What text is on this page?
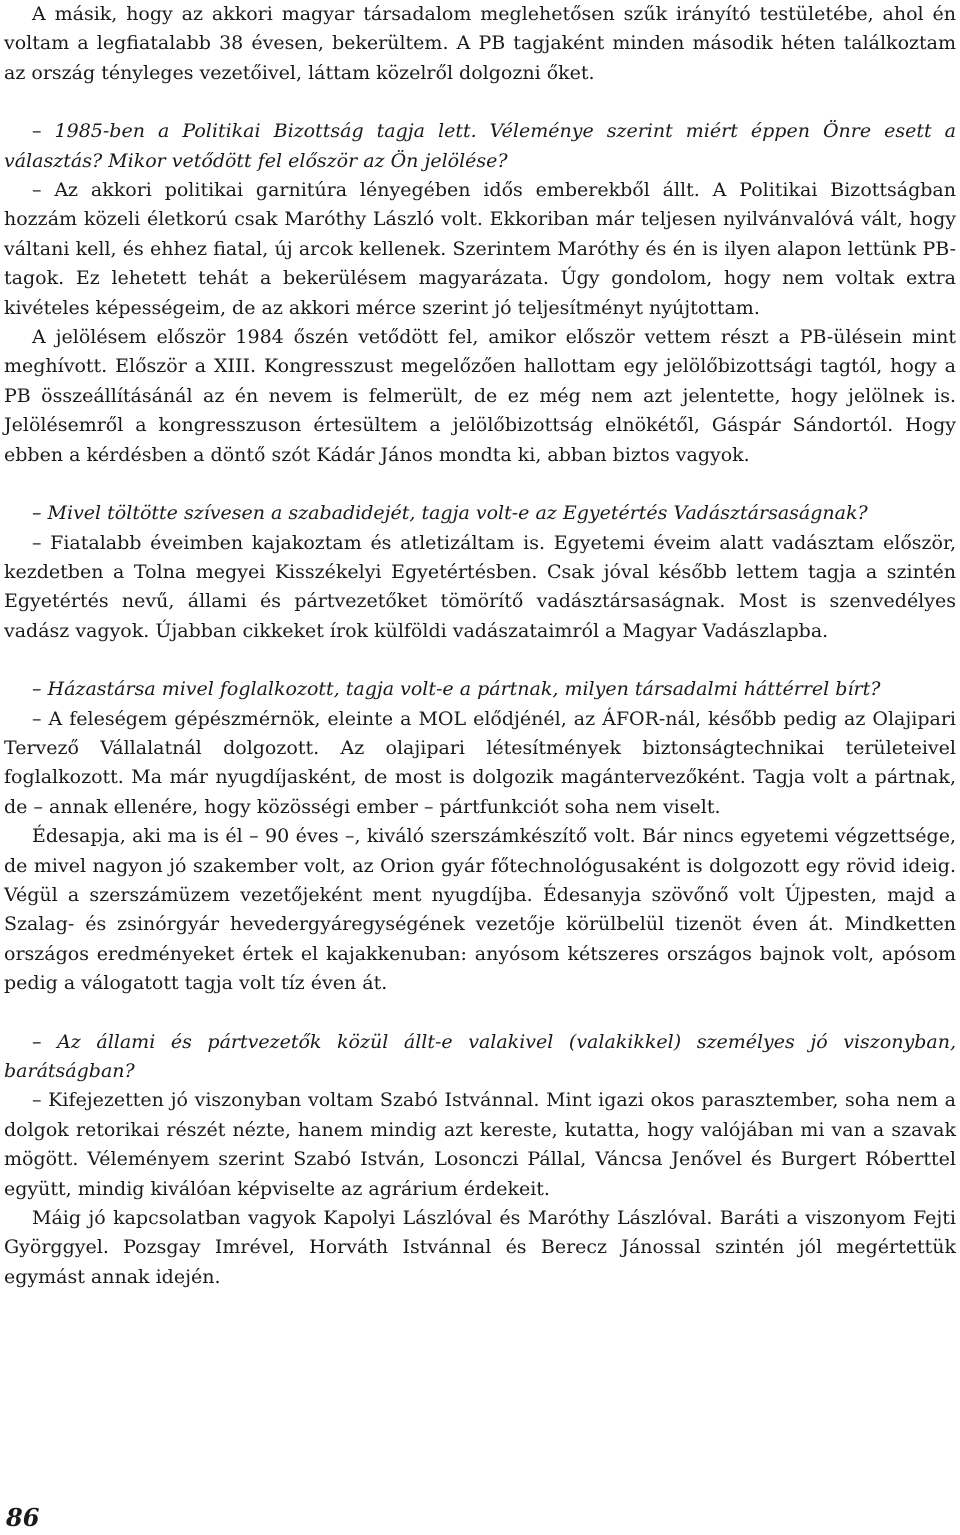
A másik, hogy az akkori magyar társadalom meglehetősen szűk irányító testületébe, ahol én voltam a legfiatalabb 38 évesen, bekerültem. A PB tagjaként minden második héten találkoztam az ország tényleges vezetőivel, láttam közelről dolgozni őket.

– 1985-ben a Politikai Bizottság tagja lett. Véleménye szerint miért éppen Önre esett a választás? Mikor vetődött fel először az Ön jelölése?

– Az akkori politikai garnitúra lényegében idős emberekből állt. A Politikai Bizottságban hozzám közeli életkorú csak Maróthy László volt. Ekkoriban már teljesen nyilvánvalóvá vált, hogy váltani kell, és ehhez fiatal, új arcok kellenek. Szerintem Maróthy és én is ilyen alapon lettünk PB-tagok. Ez lehetett tehát a bekerülésem magyarázata. Úgy gondolom, hogy nem voltak extra kivételes képességeim, de az akkori mérce szerint jó teljesítményt nyújtottam.

A jelölésem először 1984 őszén vetődött fel, amikor először vettem részt a PB-ülésein mint meghívott. Először a XIII. Kongresszust megelőzően hallottam egy jelölőbizottsági tagtól, hogy a PB összeállításánál az én nevem is felmerült, de ez még nem azt jelentette, hogy jelölnek is. Jelölésemről a kongresszuson értesültem a jelölőbizottság elnökétől, Gáspár Sándortól. Hogy ebben a kérdésben a döntő szót Kádár János mondta ki, abban biztos vagyok.

– Mivel töltötte szívesen a szabadidejét, tagja volt-e az Egyetértés Vadásztársaságnak?

– Fiatalabb éveimben kajakoztam és atletizáltam is. Egyetemi éveim alatt vadásztam először, kezdetben a Tolna megyei Kisszékelyi Egyetértésben. Csak jóval később lettem tagja a szintén Egyetértés nevű, állami és pártvezetőket tömörítő vadásztársaságnak. Most is szenvedélyes vadász vagyok. Újabban cikkeket írok külföldi vadászataimról a Magyar Vadászlapba.

– Házastársa mivel foglalkozott, tagja volt-e a pártnak, milyen társadalmi háttérrel bírt?

– A feleségem gépészmérnök, eleinte a MOL elődjénél, az ÁFOR-nál, később pedig az Olajipari Tervező Vállalatnál dolgozott. Az olajipari létesítmények biztonságtechnikai területeivel foglalkozott. Ma már nyugdíjasként, de most is dolgozik magántervezőként. Tagja volt a pártnak, de – annak ellenére, hogy közösségi ember – pártfunkciót soha nem viselt.

Édesapja, aki ma is él – 90 éves –, kiváló szerszámkészítő volt. Bár nincs egyetemi végzettsége, de mivel nagyon jó szakember volt, az Orion gyár főtechnológusaként is dolgozott egy rövid ideig. Végül a szerszámüzem vezetőjeként ment nyugdíjba. Édesanyja szövőnő volt Újpesten, majd a Szalag- és zsinórgyár hevedergyáregységének vezetője körülbelül tizenöt éven át. Mindketten országos eredményeket értek el kajakkenuban: anyósom kétszeres országos bajnok volt, apósom pedig a válogatott tagja volt tíz éven át.

– Az állami és pártvezetők közül állt-e valakivel (valakikkel) személyes jó viszonyban, barátságban?

– Kifejezetten jó viszonyban voltam Szabó Istvánnal. Mint igazi okos parasztember, soha nem a dolgok retorikai részét nézte, hanem mindig azt kereste, kutatta, hogy valójában mi van a szavak mögött. Véleményem szerint Szabó István, Losonczi Pállal, Váncsa Jenővel és Burgert Róberttel együtt, mindig kiválóan képviselte az agrárium érdekeit.

Máig jó kapcsolatban vagyok Kapolyi Lászlóval és Maróthy Lászlóval. Baráti a viszonyom Fejti Györggyel. Pozsgay Imrével, Horváth Istvánnal és Berecz Jánossal szintén jól megértettük egymást annak idején.

86
